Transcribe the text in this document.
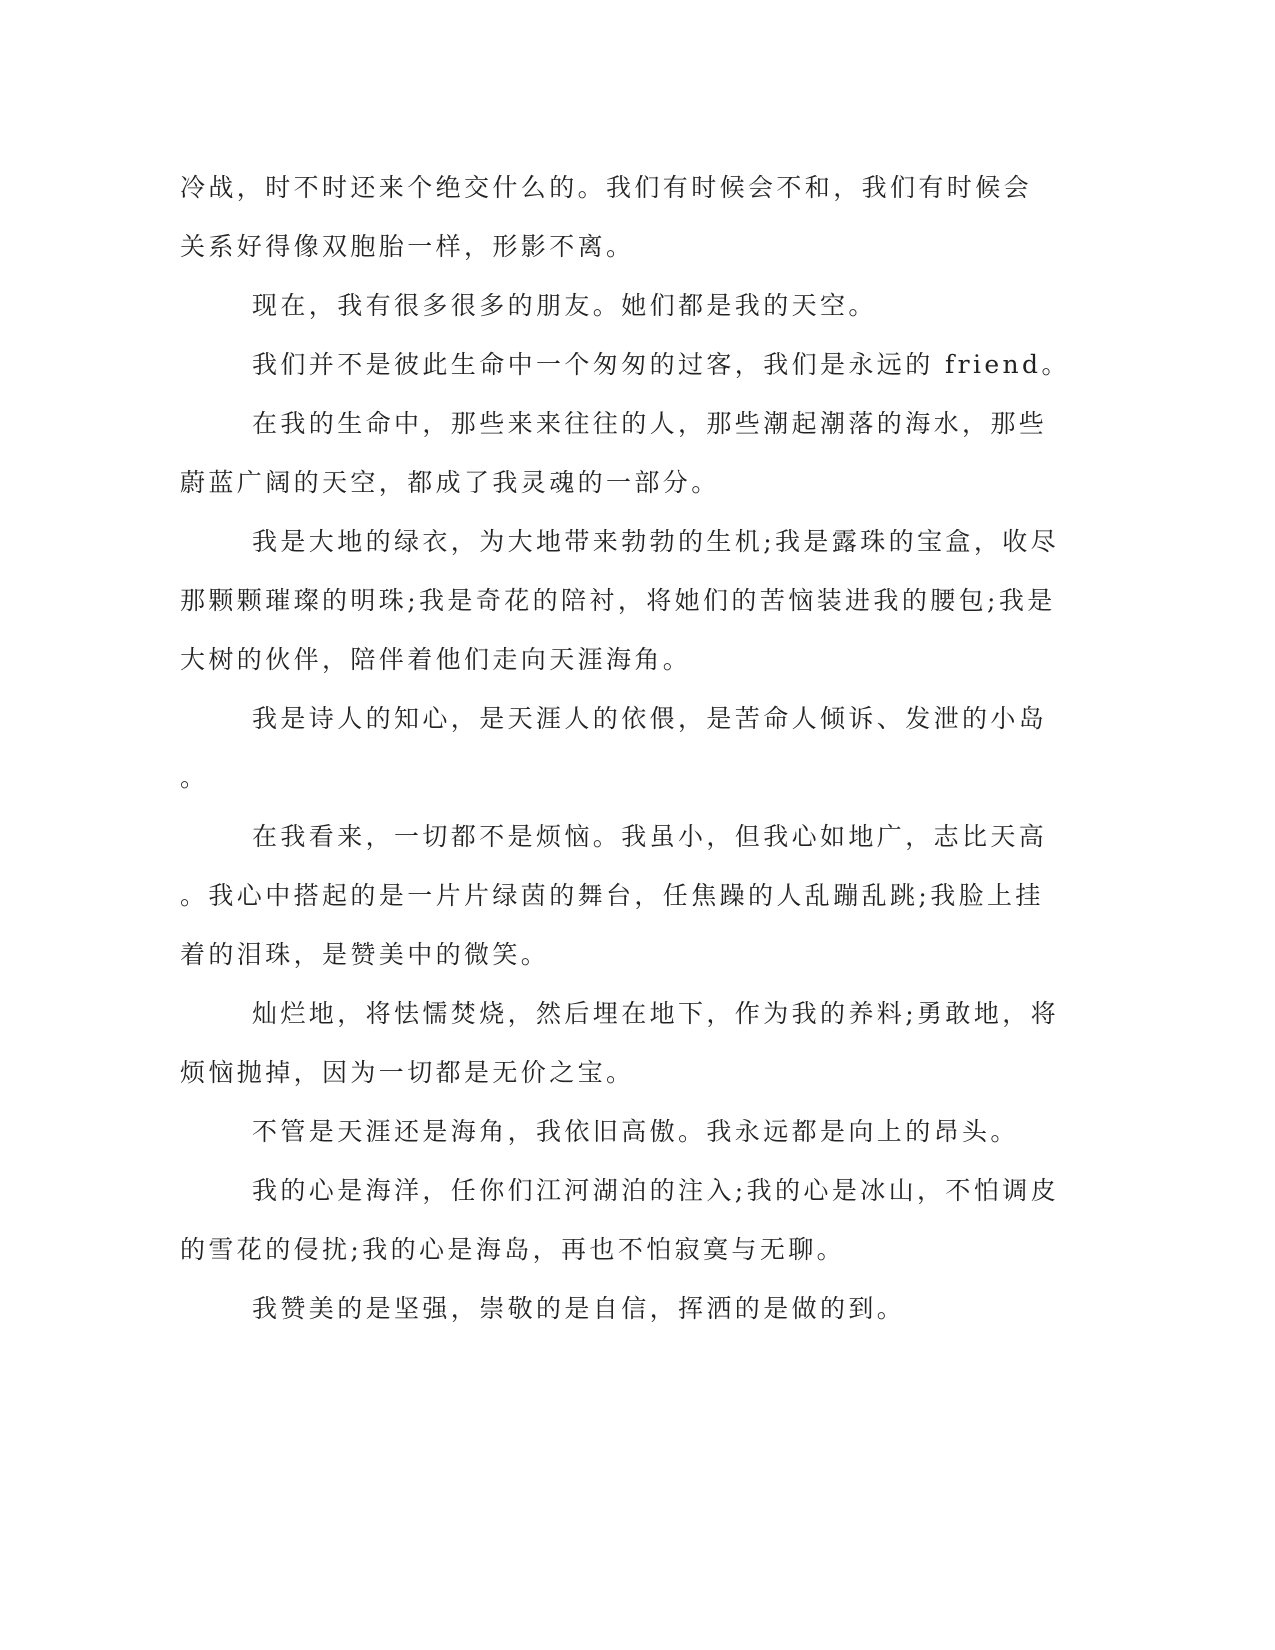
冷战，时不时还来个绝交什么的。我们有时候会不和，我们有时候会

关系好得像双胞胎一样，形影不离。

现在，我有很多很多的朋友。她们都是我的天空。

我们并不是彼此生命中一个匆匆的过客，我们是永远的 friend。

在我的生命中，那些来来往往的人，那些潮起潮落的海水，那些

蔚蓝广阔的天空，都成了我灵魂的一部分。

我是大地的绿衣，为大地带来勃勃的生机;我是露珠的宝盒，收尽

那颗颗璀璨的明珠;我是奇花的陪衬，将她们的苦恼装进我的腰包;我是

大树的伙伴，陪伴着他们走向天涯海角。

我是诗人的知心，是天涯人的依偎，是苦命人倾诉、发泄的小岛

。

在我看来，一切都不是烦恼。我虽小，但我心如地广，志比天高

。我心中搭起的是一片片绿茵的舞台，任焦躁的人乱蹦乱跳;我脸上挂

着的泪珠，是赞美中的微笑。

灿烂地，将怯懦焚烧，然后埋在地下，作为我的养料;勇敢地，将

烦恼抛掉，因为一切都是无价之宝。

不管是天涯还是海角，我依旧高傲。我永远都是向上的昂头。

我的心是海洋，任你们江河湖泊的注入;我的心是冰山，不怕调皮

的雪花的侵扰;我的心是海岛，再也不怕寂寞与无聊。

我赞美的是坚强，崇敬的是自信，挥洒的是做的到。
